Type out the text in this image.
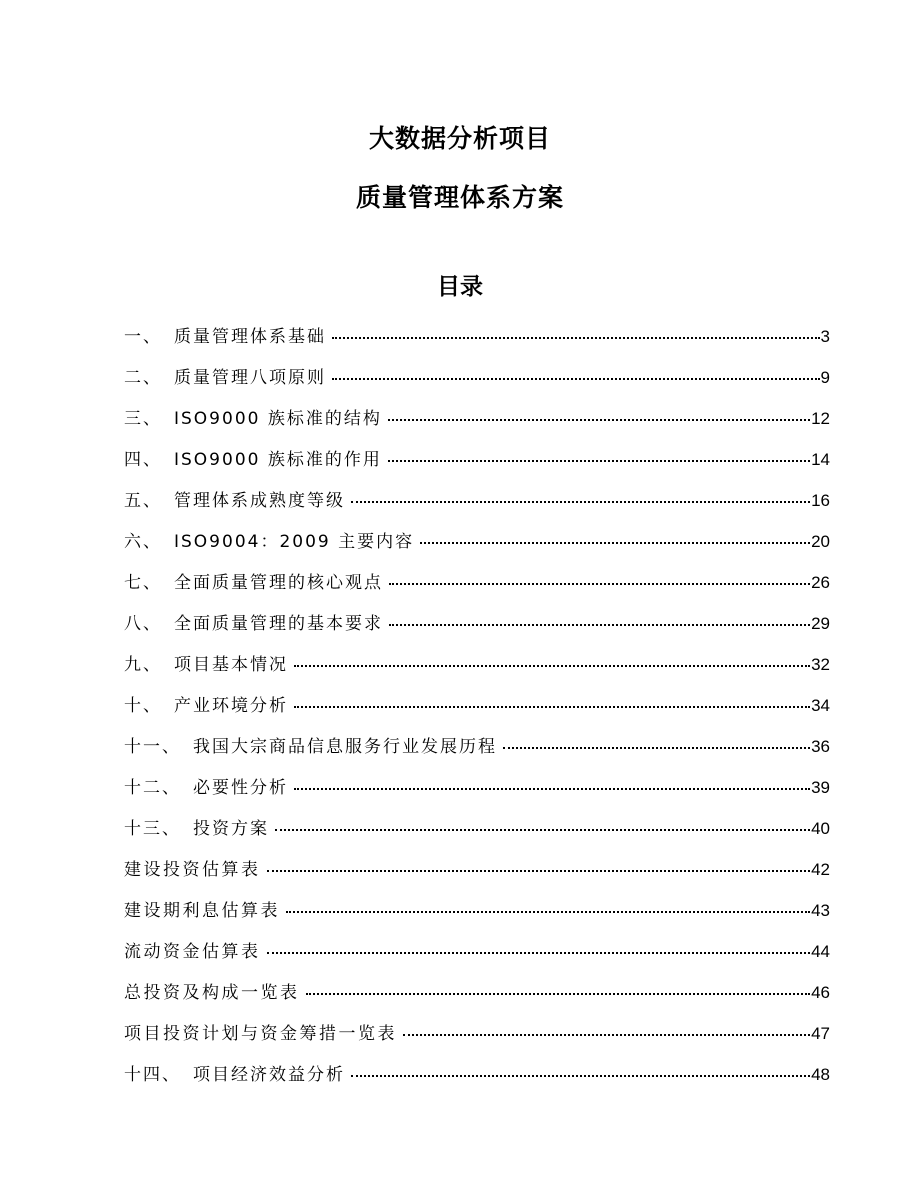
大数据分析项目
质量管理体系方案
目录
一 、 质量管理体系基础	3
二 、 质量管理八项原则	9
三 、 ISO9000 族标准的结构	12
四 、 ISO9000 族标准的作用	14
五 、 管理体系成熟度等级	16
六 、 ISO9004：2009 主要内容	20
七 、 全面质量管理的核心观点	26
八 、 全面质量管理的基本要求	29
九 、 项目基本情况	32
十 、 产业环境分析	34
十一 、 我国大宗商品信息服务行业发展历程	36
十二 、 必要性分析	39
十三 、 投资方案	40
建设投资估算表	42
建设期利息估算表	43
流动资金估算表	44
总投资及构成一览表	46
项目投资计划与资金筹措一览表	47
十四 、 项目经济效益分析	48
